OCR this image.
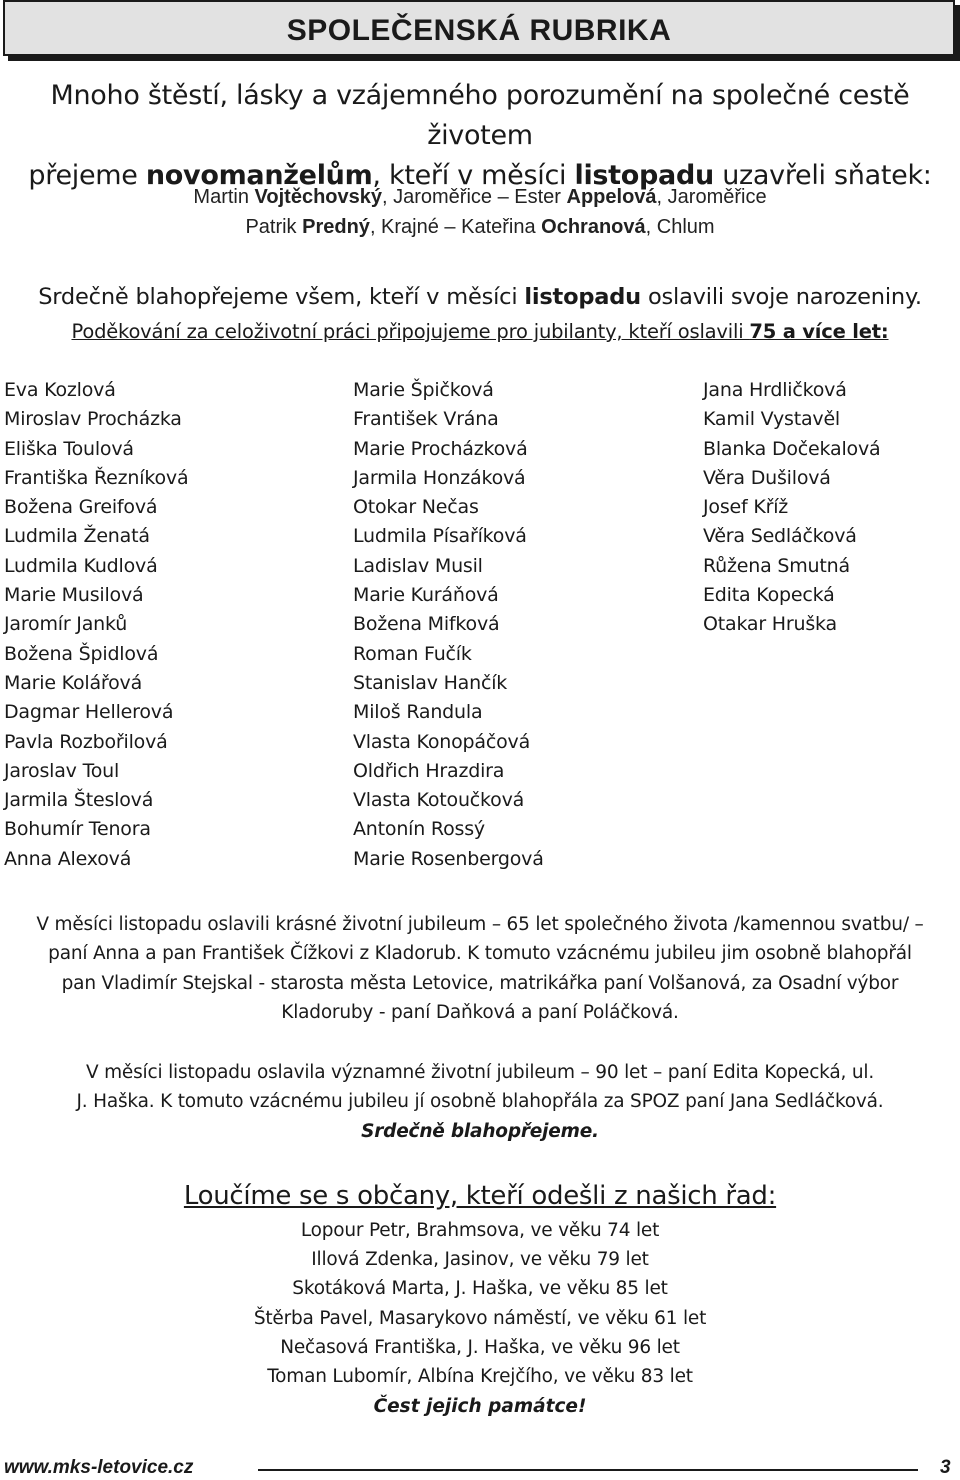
SPOLEČENSKÁ RUBRIKA
Mnoho štěstí, lásky a vzájemného porozumění na společné cestě životem
přejeme novomanželům, kteří v měsíci listopadu uzavřeli sňatek:
Martin Vojtěchovský, Jaroměřice – Ester Appelová, Jaroměřice
Patrik Predný, Krajné – Kateřina Ochranová, Chlum
Srdečně blahopřejeme všem, kteří v měsíci listopadu oslavili svoje narozeniny.
Poděkování za celoživotní práci připojujeme pro jubilanty, kteří oslavili 75 a více let:
Eva Kozlová
Miroslav Procházka
Eliška Toulová
Františka Řezníková
Božena Greifová
Ludmila Ženatá
Ludmila Kudlová
Marie Musilová
Jaromír Janků
Božena Špidlová
Marie Kolářová
Dagmar Hellerová
Pavla Rozbořilová
Jaroslav Toul
Jarmila Šteslová
Bohumír Tenora
Anna Alexová
Marie Špičková
František Vrána
Marie Procházková
Jarmila Honzáková
Otokar Nečas
Ludmila Písaříková
Ladislav Musil
Marie Kuráňová
Božena Mifková
Roman Fučík
Stanislav Hančík
Miloš Randula
Vlasta Konopáčová
Oldřich Hrazdira
Vlasta Kotoučková
Antonín Rossý
Marie Rosenbergová
Jana Hrdličková
Kamil Vystavěl
Blanka Dočekalová
Věra Dušilová
Josef Kříž
Věra Sedláčková
Růžena Smutná
Edita Kopecká
Otakar Hruška
V měsíci listopadu oslavili krásné životní jubileum – 65 let společného života /kamennou svatbu/ –
paní Anna a pan František Čížkovi z Kladorub. K tomuto vzácnému jubileu jim osobně blahopřál
pan Vladimír Stejskal - starosta města Letovice, matrikářka paní Volšanová, za Osadní výbor
Kladoruby - paní Daňková a paní Poláčková.
V měsíci listopadu oslavila významné životní jubileum – 90 let – paní Edita Kopecká, ul.
J. Haška. K tomuto vzácnému jubileu jí osobně blahopřála za SPOZ paní Jana Sedláčková.
Srdečně blahopřejeme.
Loučíme se s občany, kteří odešli z našich řad:
Lopour Petr, Brahmsova, ve věku 74 let
Illová Zdenka, Jasinov, ve věku 79 let
Skotáková Marta, J. Haška, ve věku 85 let
Štěrba Pavel, Masarykovo náměstí, ve věku 61 let
Nečasová Františka, J. Haška, ve věku 96 let
Toman Lubomír, Albína Krejčího, ve věku 83 let
Čest jejich památce!
www.mks-letovice.cz	3
